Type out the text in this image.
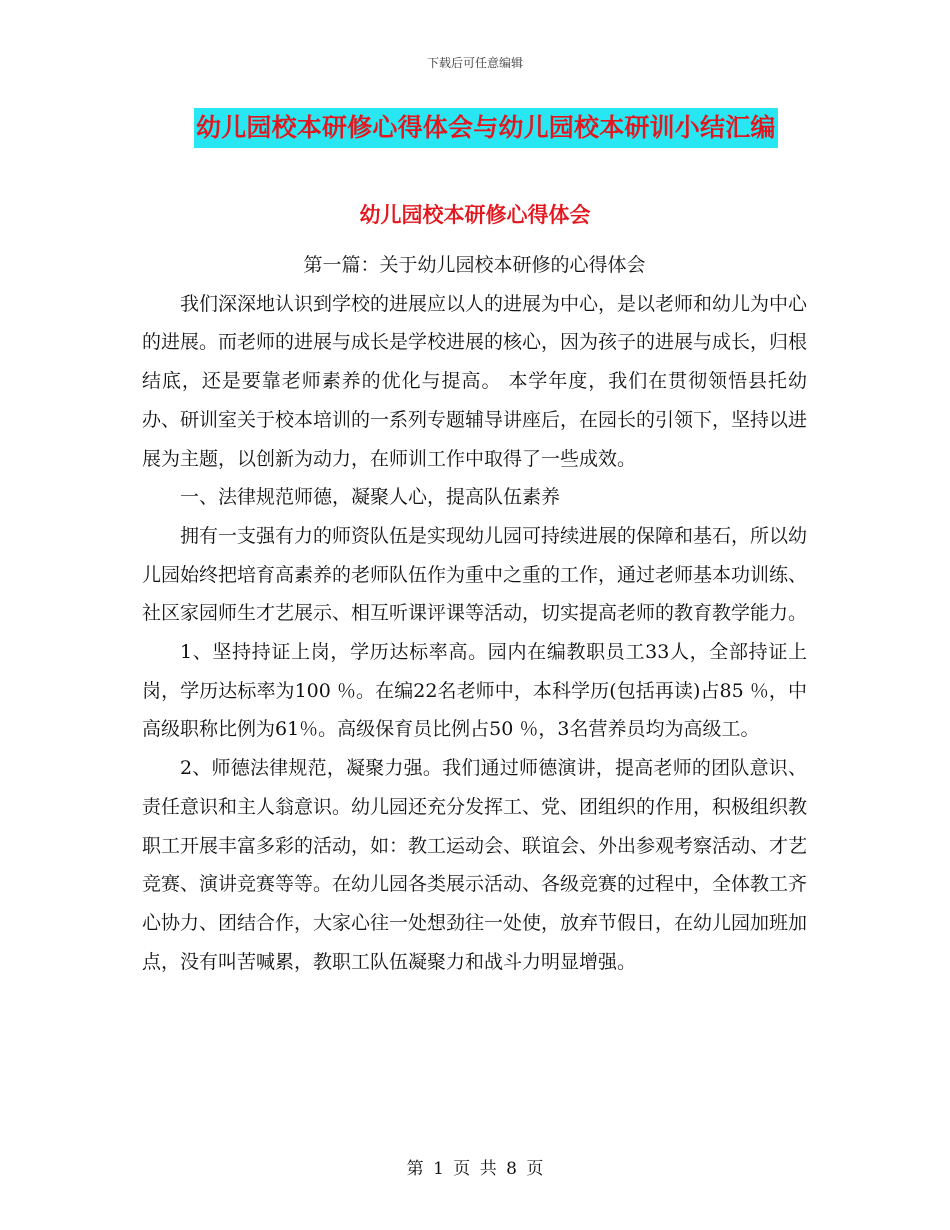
下载后可任意编辑
幼儿园校本研修心得体会与幼儿园校本研训小结汇编
幼儿园校本研修心得体会

第一篇：关于幼儿园校本研修的心得体会

我们深深地认识到学校的进展应以人的进展为中心，是以老师和幼儿为中心的进展。而老师的进展与成长是学校进展的核心，因为孩子的进展与成长，归根结底，还是要靠老师素养的优化与提高。 本学年度，我们在贯彻领悟县托幼办、研训室关于校本培训的一系列专题辅导讲座后，在园长的引领下，坚持以进展为主题，以创新为动力，在师训工作中取得了一些成效。

一、法律规范师德，凝聚人心，提高队伍素养

拥有一支强有力的师资队伍是实现幼儿园可持续进展的保障和基石，所以幼儿园始终把培育高素养的老师队伍作为重中之重的工作，通过老师基本功训练、社区家园师生才艺展示、相互听课评课等活动，切实提高老师的教育教学能力。

1、坚持持证上岗，学历达标率高。园内在编教职员工33人，全部持证上岗，学历达标率为100 ％。在编22名老师中，本科学历(包括再读)占85 ％，中高级职称比例为61％。高级保育员比例占50 ％，3名营养员均为高级工。

2、师德法律规范，凝聚力强。我们通过师德演讲，提高老师的团队意识、责任意识和主人翁意识。幼儿园还充分发挥工、党、团组织的作用，积极组织教职工开展丰富多彩的活动，如：教工运动会、联谊会、外出参观考察活动、才艺竞赛、演讲竞赛等等。在幼儿园各类展示活动、各级竞赛的过程中，全体教工齐心协力、团结合作，大家心往一处想劲往一处使，放弃节假日，在幼儿园加班加点，没有叫苦喊累，教职工队伍凝聚力和战斗力明显增强。

第 1 页 共 8 页
